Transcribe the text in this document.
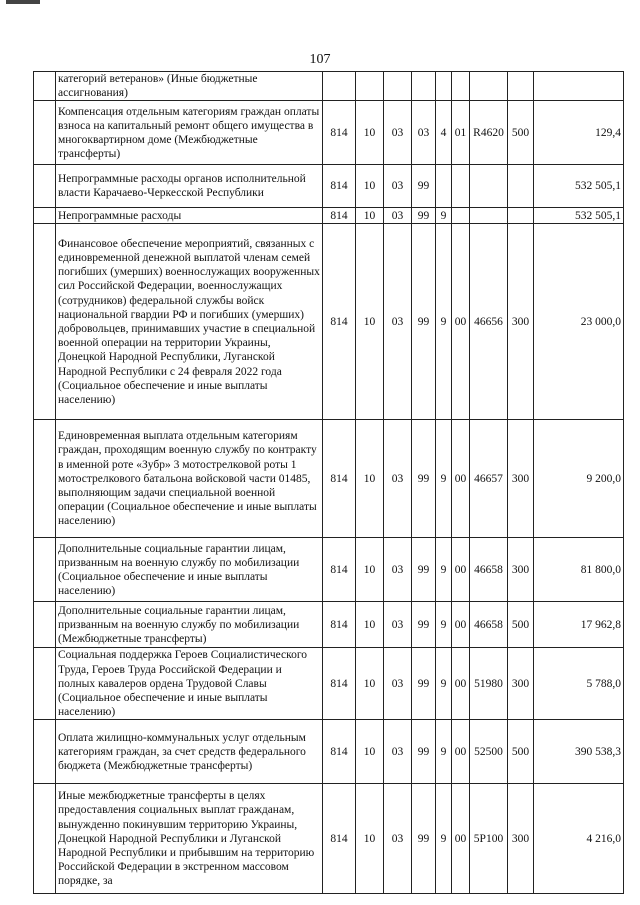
107
	категорий ветеранов» (Иные бюджетные ассигнования)									
	Компенсация отдельным категориям граждан оплаты взноса на капитальный ремонт общего имущества в многоквартирном доме (Межбюджетные трансферты)	814	10	03	03	4	01	R4620	500	129,4
	Непрограммные расходы органов исполнительной власти Карачаево-Черкесской Республики	814	10	03	99					532 505,1
	Непрограммные расходы	814	10	03	99	9				532 505,1
	Финансовое обеспечение мероприятий, связанных с единовременной денежной выплатой членам семей погибших (умерших) военнослужащих вооруженных сил Российской Федерации, военнослужащих (сотрудников) федеральной службы войск национальной гвардии РФ и погибших (умерших) добровольцев, принимавших участие в специальной военной операции на территории Украины, Донецкой Народной Республики, Луганской Народной Республики с 24 февраля 2022 года (Социальное обеспечение и иные выплаты населению)	814	10	03	99	9	00	46656	300	23 000,0
	Единовременная выплата отдельным категориям граждан, проходящим военную службу по контракту в именной роте «Зубр» 3 мотострелковой роты 1 мотострелкового батальона войсковой части 01485, выполняющим задачи специальной военной операции (Социальное обеспечение и иные выплаты населению)	814	10	03	99	9	00	46657	300	9 200,0
	Дополнительные социальные гарантии лицам, призванным на военную службу по мобилизации (Социальное обеспечение и иные выплаты населению)	814	10	03	99	9	00	46658	300	81 800,0
	Дополнительные социальные гарантии лицам, призванным на военную службу по мобилизации (Межбюджетные трансферты)	814	10	03	99	9	00	46658	500	17 962,8
	Социальная поддержка Героев Социалистического Труда, Героев Труда Российской Федерации и полных кавалеров ордена Трудовой Славы (Социальное обеспечение и иные выплаты населению)	814	10	03	99	9	00	51980	300	5 788,0
	Оплата жилищно-коммунальных услуг отдельным категориям граждан, за счет средств федерального бюджета (Межбюджетные трансферты)	814	10	03	99	9	00	52500	500	390 538,3
	Иные межбюджетные трансферты в целях предоставления социальных выплат гражданам, вынужденно покинувшим территорию Украины, Донецкой Народной Республики и Луганской Народной Республики и прибывшим на территорию Российской Федерации в экстренном массовом порядке, за	814	10	03	99	9	00	5Р100	300	4 216,0
